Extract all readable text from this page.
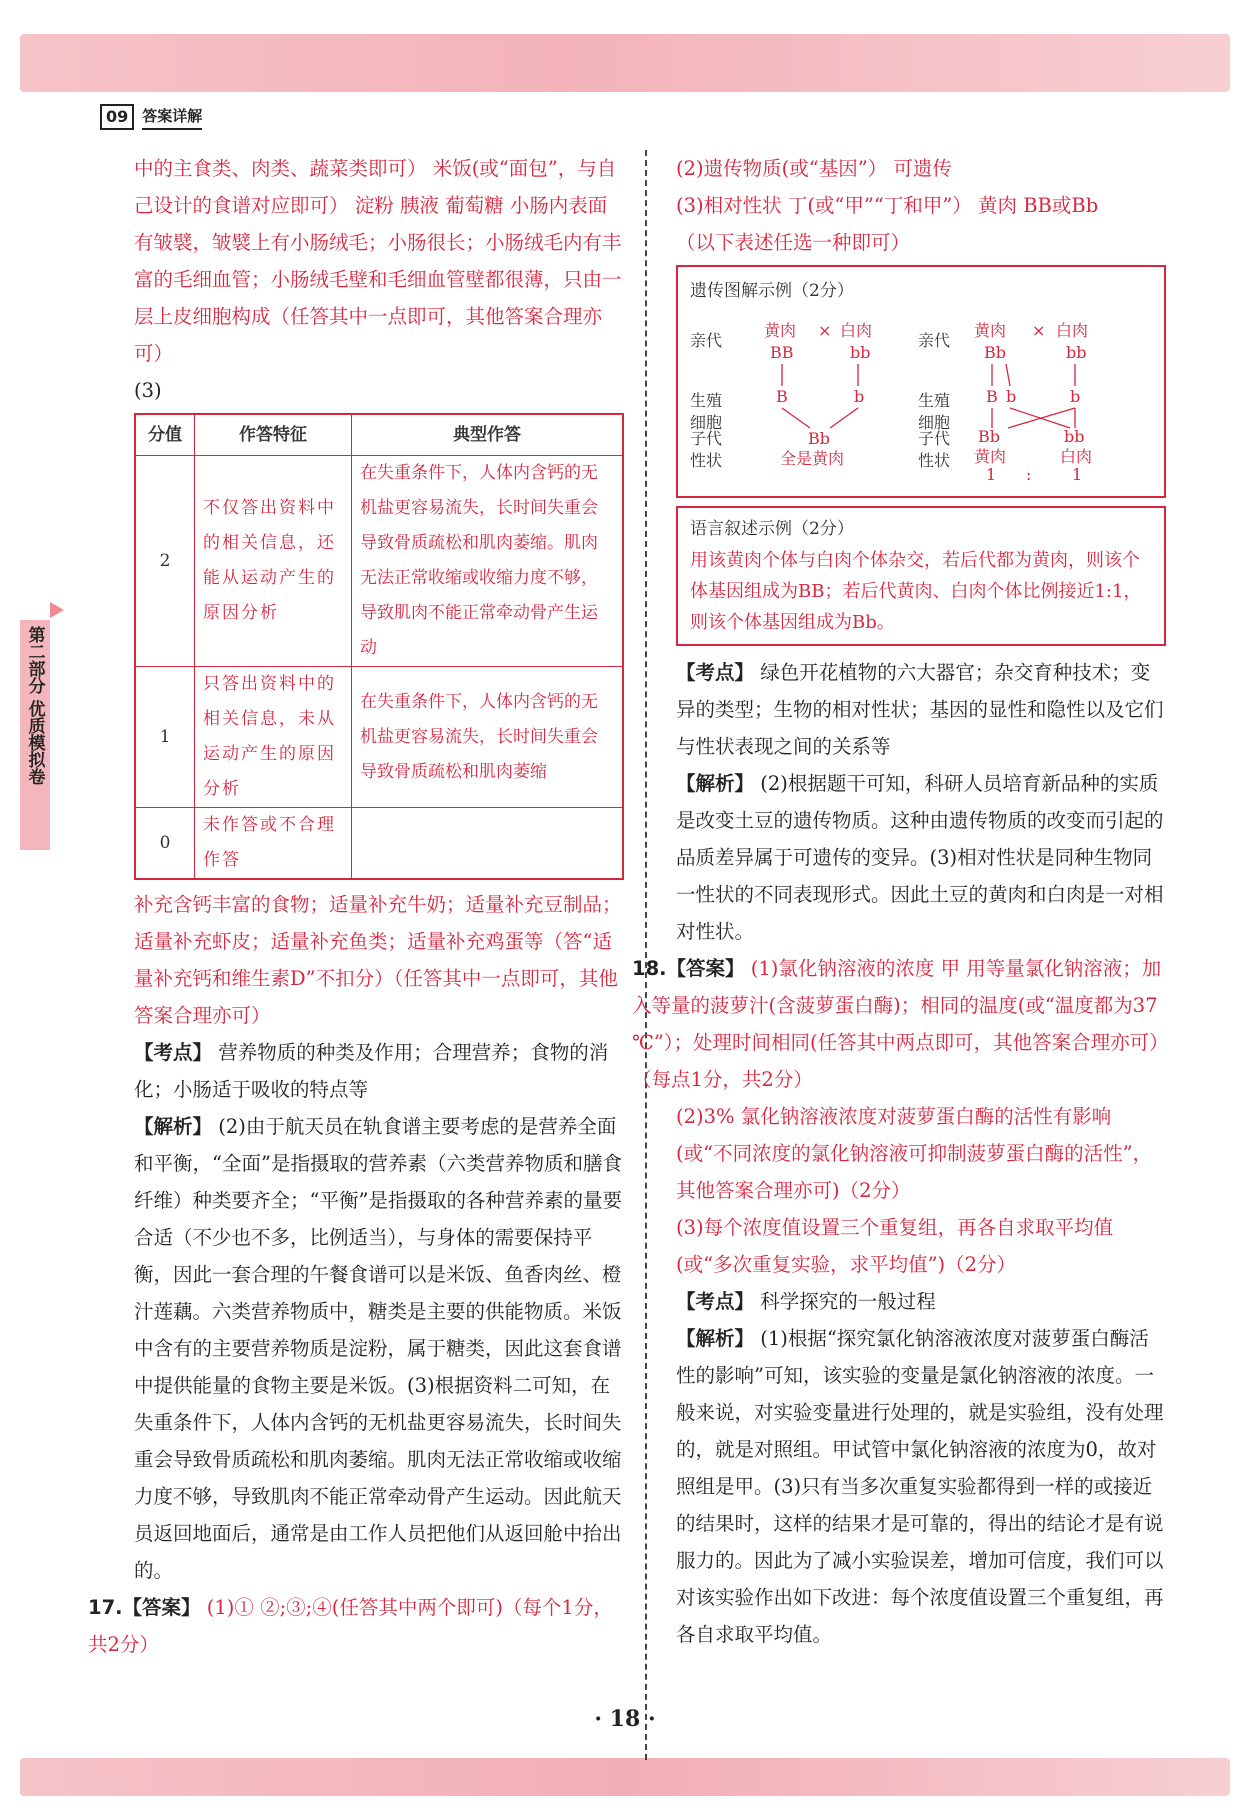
09 答案详解
第二部分
优质模拟卷

中的主食类、肉类、蔬菜类即可） 米饭(或“面包”，与自己设计的食谱对应即可） 淀粉 胰液 葡萄糖 小肠内表面有皱襞，皱襞上有小肠绒毛；小肠很长；小肠绒毛内有丰富的毛细血管；小肠绒毛壁和毛细血管壁都很薄，只由一层上皮细胞构成（任答其中一点即可，其他答案合理亦可）

(3)

分值	作答特征	典型作答
2	不仅答出资料中的相关信息，还能从运动产生的原因分析	在失重条件下，人体内含钙的无机盐更容易流失，长时间失重会导致骨质疏松和肌肉萎缩。肌肉无法正常收缩或收缩力度不够，导致肌肉不能正常牵动骨产生运动
1	只答出资料中的相关信息，未从运动产生的原因分析	在失重条件下，人体内含钙的无机盐更容易流失，长时间失重会导致骨质疏松和肌肉萎缩
0	未作答或不合理作答	

补充含钙丰富的食物；适量补充牛奶；适量补充豆制品；适量补充虾皮；适量补充鱼类；适量补充鸡蛋等（答“适量补充钙和维生素D”不扣分）（任答其中一点即可，其他答案合理亦可）

【考点】 营养物质的种类及作用；合理营养；食物的消化；小肠适于吸收的特点等

【解析】 (2)由于航天员在轨食谱主要考虑的是营养全面和平衡，“全面”是指摄取的营养素（六类营养物质和膳食纤维）种类要齐全；“平衡”是指摄取的各种营养素的量要合适（不少也不多，比例适当），与身体的需要保持平衡，因此一套合理的午餐食谱可以是米饭、鱼香肉丝、橙汁莲藕。六类营养物质中，糖类是主要的供能物质。米饭中含有的主要营养物质是淀粉，属于糖类，因此这套食谱中提供能量的食物主要是米饭。(3)根据资料二可知，在失重条件下，人体内含钙的无机盐更容易流失，长时间失重会导致骨质疏松和肌肉萎缩。肌肉无法正常收缩或收缩力度不够，导致肌肉不能正常牵动骨产生运动。因此航天员返回地面后，通常是由工作人员把他们从返回舱中抬出的。

17.【答案】 (1)① ②;③;④(任答其中两个即可)（每个1分，共2分）

(2)遗传物质(或“基因”） 可遗传

(3)相对性状 丁(或“甲”“丁和甲”） 黄肉 BB或Bb

（以下表述任选一种即可）

遗传图解示例（2分）
亲代
生殖细胞
子代性状
黄肉 × 白肉
BB	bb
B	b
Bb
全是黄肉
亲代
生殖细胞
子代性状
黄肉 × 白肉
Bb	bb
B b	b
Bb	bb
黄肉	白肉
1 :	1
语言叙述示例（2分）
用该黄肉个体与白肉个体杂交，若后代都为黄肉，则该个体基因组成为BB；若后代黄肉、白肉个体比例接近1:1，则该个体基因组成为Bb。

【考点】 绿色开花植物的六大器官；杂交育种技术；变异的类型；生物的相对性状；基因的显性和隐性以及它们与性状表现之间的关系等

【解析】 (2)根据题干可知，科研人员培育新品种的实质是改变土豆的遗传物质。这种由遗传物质的改变而引起的品质差异属于可遗传的变异。(3)相对性状是同种生物同一性状的不同表现形式。因此土豆的黄肉和白肉是一对相对性状。

18.【答案】 (1)氯化钠溶液的浓度 甲 用等量氯化钠溶液；加入等量的菠萝汁(含菠萝蛋白酶)；相同的温度(或“温度都为37 ℃”）；处理时间相同(任答其中两点即可，其他答案合理亦可）（每点1分，共2分）

(2)3% 氯化钠溶液浓度对菠萝蛋白酶的活性有影响(或“不同浓度的氯化钠溶液可抑制菠萝蛋白酶的活性”，其他答案合理亦可)（2分）

(3)每个浓度值设置三个重复组，再各自求取平均值(或“多次重复实验，求平均值”)（2分）

【考点】 科学探究的一般过程

【解析】 (1)根据“探究氯化钠溶液浓度对菠萝蛋白酶活性的影响”可知，该实验的变量是氯化钠溶液的浓度。一般来说，对实验变量进行处理的，就是实验组，没有处理的，就是对照组。甲试管中氯化钠溶液的浓度为0，故对照组是甲。(3)只有当多次重复实验都得到一样的或接近的结果时，这样的结果才是可靠的，得出的结论才是有说服力的。因此为了减小实验误差，增加可信度，我们可以对该实验作出如下改进：每个浓度值设置三个重复组，再各自求取平均值。

· 18 ·
